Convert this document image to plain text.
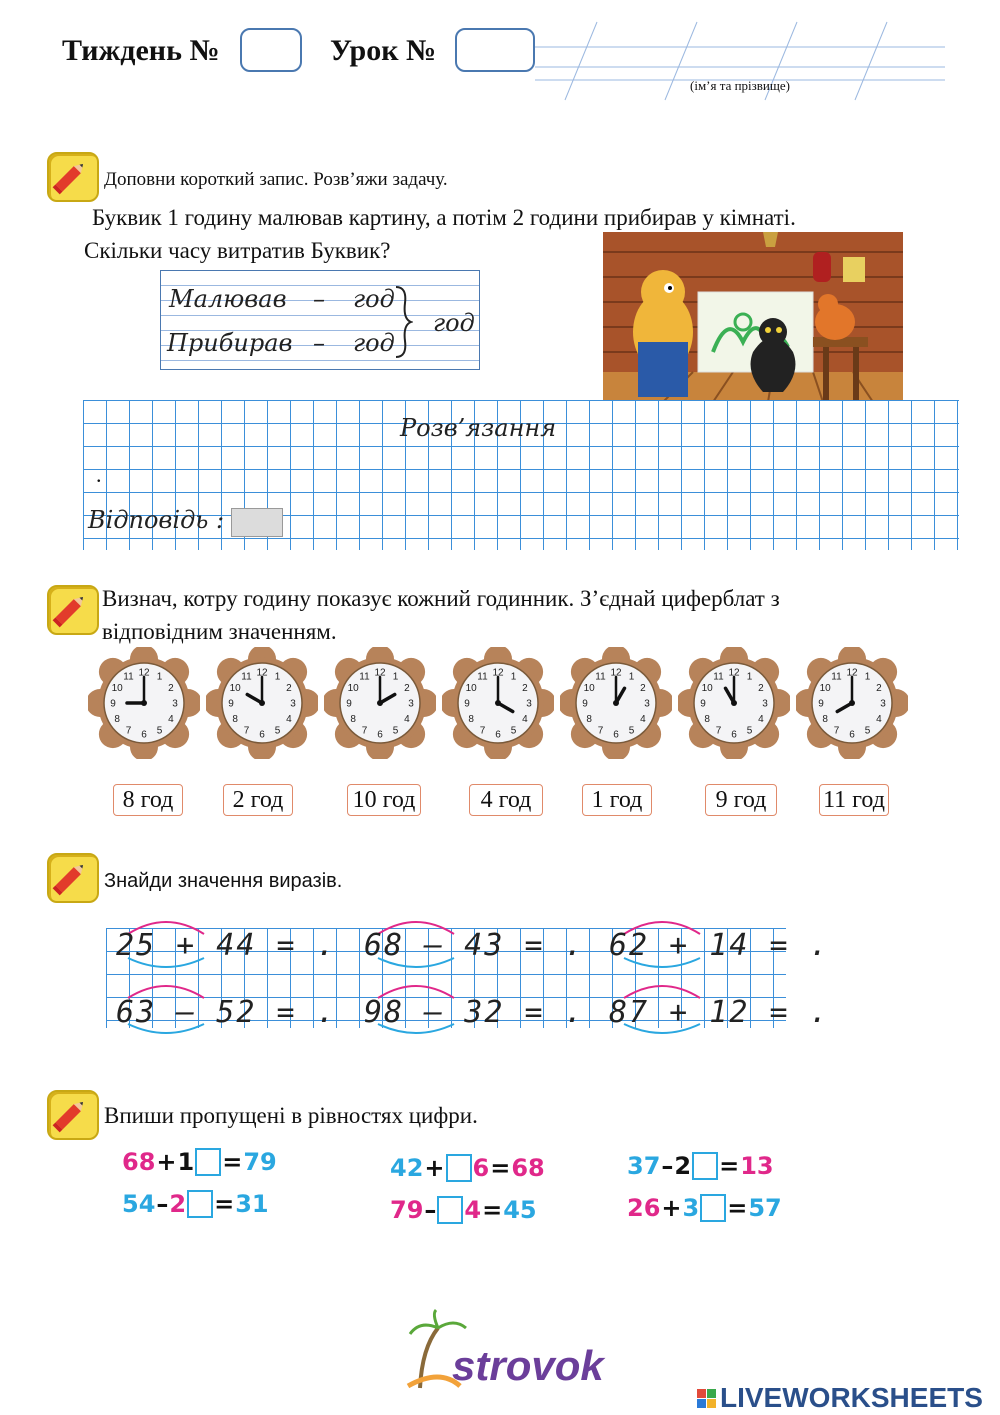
Тиждень №	Урок №
(ім’я та прізвище)
Доповни короткий запис. Розв’яжи задачу.
Буквик 1 годину малював картину, а потім 2 години прибирав у кімнаті.
Скільки часу витратив Буквик?
Малював – год
Прибирав – год
год
Розв’язання
.
Відповідь :
Визнач, котру годину показує кожний годинник. З’єднай циферблат з
відповідним значенням.
1
2
3
4
5
6
7
8
9
10
11 12	1
2
3
4
5
6
7
8
9
10
11 12	1
2
3
4
5
6
7
8
9
10
11 12	1
2
3
4
5
6
7
8
9
10
11 12	1
2
3
4
5
6
7
8
9
10
11 12	1
2
3
4
5
6
7
8
9
10
11 12	1
2
3
4
5
6
7
8
9
10
11 12
8 год	2 год	10 год	4 год	1 год	9 год	11 год
Знайди значення виразів.
25 + 44 = . 68 – 43 = . 62 + 14 = .
63 – 52 = . 98 – 32 = . 87 + 12 = .
Впиши пропущені в рівностях цифри.
68 + 1 = 79
54 – 2 = 31
42 + 6 = 68
79 – 4 = 45
37 – 2 = 13
26 + 3 = 57
strovok
LIVEWORKSHEETS
